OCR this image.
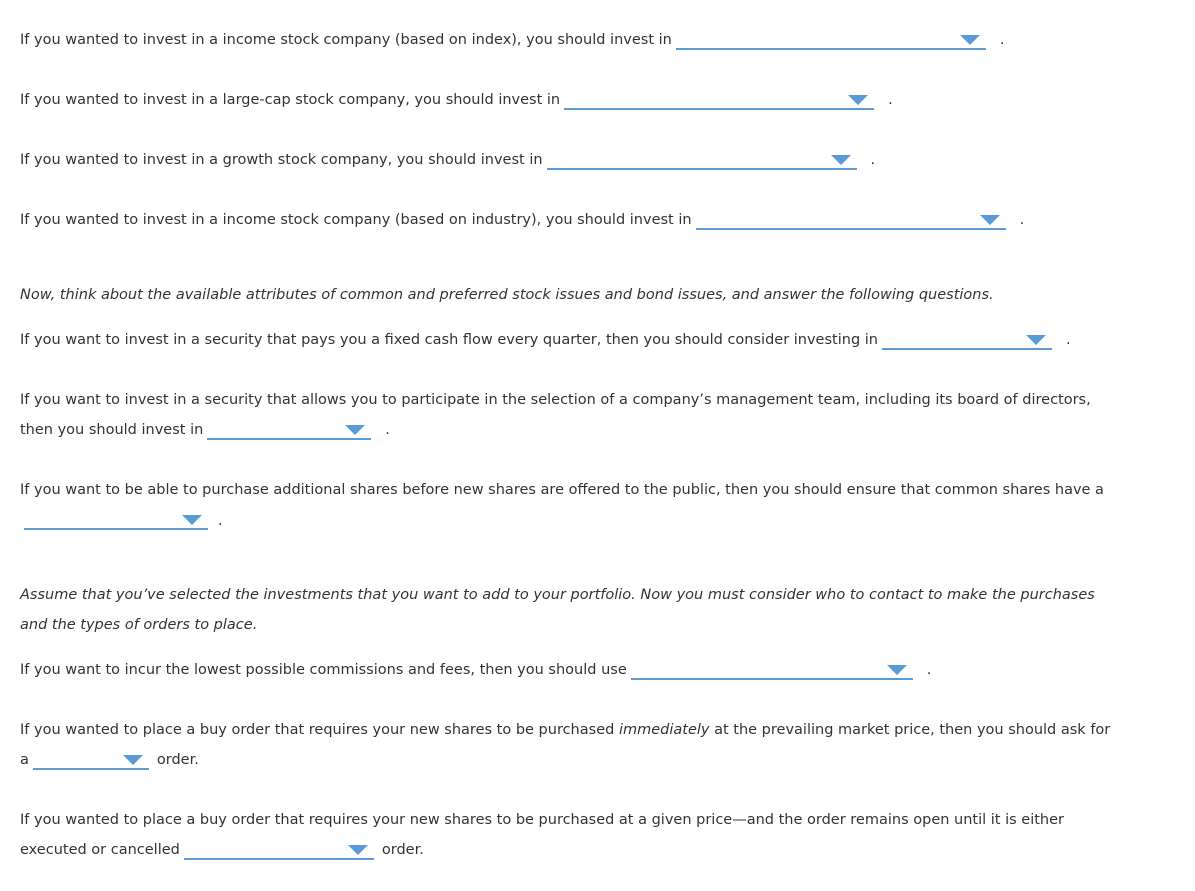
If you wanted to invest in a income stock company (based on index), you should invest in	.
If you wanted to invest in a large-cap stock company, you should invest in	.
If you wanted to invest in a growth stock company, you should invest in	.
If you wanted to invest in a income stock company (based on industry), you should invest in	.
Now, think about the available attributes of common and preferred stock issues and bond issues, and answer the following questions.
If you want to invest in a security that pays you a fixed cash flow every quarter, then you should consider investing in	.
If you want to invest in a security that allows you to participate in the selection of a company’s management team, including its board of directors,
then you should invest in	.
If you want to be able to purchase additional shares before new shares are offered to the public, then you should ensure that common shares have a
.
Assume that you’ve selected the investments that you want to add to your portfolio. Now you must consider who to contact to make the purchases
and the types of orders to place.
If you want to incur the lowest possible commissions and fees, then you should use	.
If you wanted to place a buy order that requires your new shares to be purchased immediately at the prevailing market price, then you should ask for
a	order.
If you wanted to place a buy order that requires your new shares to be purchased at a given price—and the order remains open until it is either
executed or cancelled	order.
